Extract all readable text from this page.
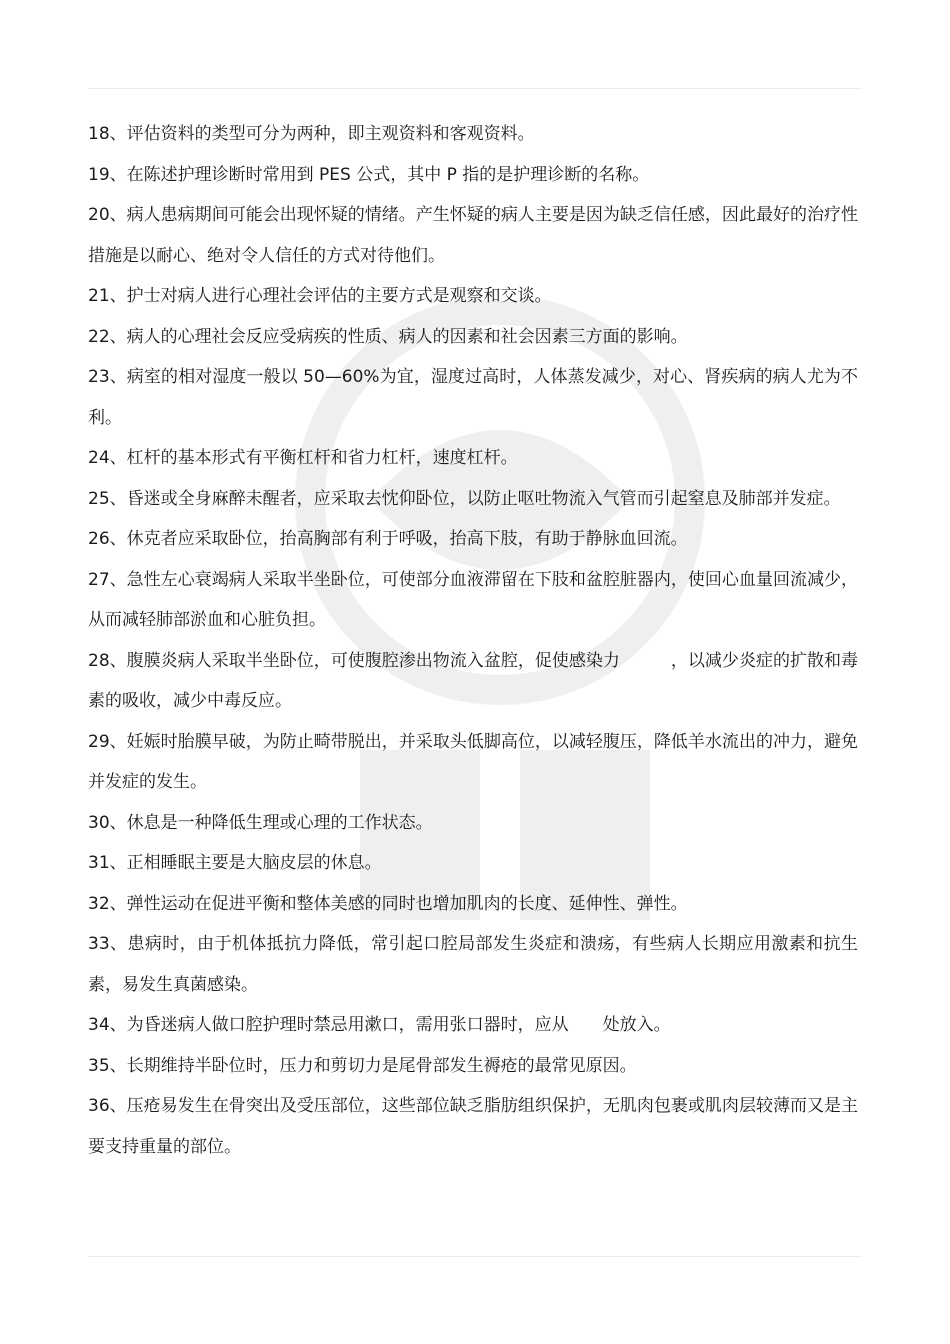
18、评估资料的类型可分为两种，即主观资料和客观资料。

19、在陈述护理诊断时常用到 PES 公式，其中 P 指的是护理诊断的名称。

20、病人患病期间可能会出现怀疑的情绪。产生怀疑的病人主要是因为缺乏信任感，因此最好的治疗性措施是以耐心、绝对令人信任的方式对待他们。

21、护士对病人进行心理社会评估的主要方式是观察和交谈。

22、病人的心理社会反应受病疾的性质、病人的因素和社会因素三方面的影响。

23、病室的相对湿度一般以 50—60%为宜，湿度过高时，人体蒸发减少，对心、肾疾病的病人尤为不利。

24、杠杆的基本形式有平衡杠杆和省力杠杆，速度杠杆。

25、昏迷或全身麻醉未醒者，应采取去忱仰卧位，以防止呕吐物流入气管而引起窒息及肺部并发症。

26、休克者应采取卧位，抬高胸部有利于呼吸，抬高下肢，有助于静脉血回流。

27、急性左心衰竭病人采取半坐卧位，可使部分血液滞留在下肢和盆腔脏器内，使回心血量回流减少，从而减轻肺部淤血和心脏负担。

28、腹膜炎病人采取半坐卧位，可使腹腔渗出物流入盆腔，促使感染力　　　，以减少炎症的扩散和毒素的吸收，减少中毒反应。

29、妊娠时胎膜早破，为防止畸带脱出，并采取头低脚高位，以减轻腹压，降低羊水流出的冲力，避免并发症的发生。

30、休息是一种降低生理或心理的工作状态。

31、正相睡眠主要是大脑皮层的休息。

32、弹性运动在促进平衡和整体美感的同时也增加肌肉的长度、延伸性、弹性。

33、患病时，由于机体抵抗力降低，常引起口腔局部发生炎症和溃疡，有些病人长期应用激素和抗生素，易发生真菌感染。

34、为昏迷病人做口腔护理时禁忌用漱口，需用张口器时，应从　　处放入。

35、长期维持半卧位时，压力和剪切力是尾骨部发生褥疮的最常见原因。

36、压疮易发生在骨突出及受压部位，这些部位缺乏脂肪组织保护，无肌肉包裹或肌肉层较薄而又是主要支持重量的部位。
